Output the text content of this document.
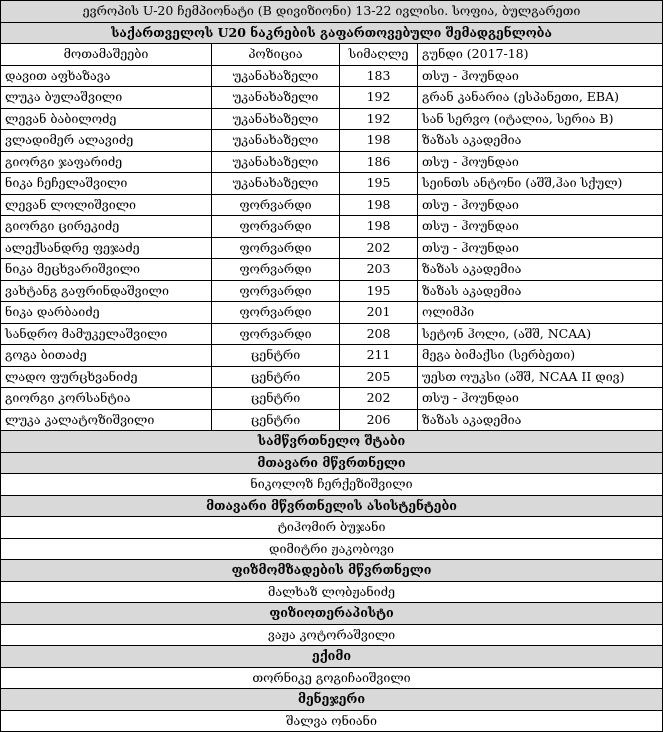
ევროპის U-20 ჩემპიონატი (B დივიზიონი) 13-22 ივლისი. სოფია, ბულგარეთი			
საქართველოს U20 ნაკრების გაფართოვებული შემადგენლობა			
მოთამაშეები	პოზიცია	სიმაღლე	გუნდი (2017-18)
დავით აფხაზავა	უკანახაზელი	183	თსუ - ჰოუნდაი
ლუკა ბულაშვილი	უკანახაზელი	192	გრან კანარია (ესპანეთი, EBA)
ლევან ბაბილოძე	უკანახაზელი	192	სან სერვო (იტალია, სერია B)
ვლადიმერ ალავიძე	უკანახაზელი	198	ზაზას აკადემია
გიორგი ჯაფარიძე	უკანახაზელი	186	თსუ - ჰოუნდაი
ნიკა ჩეჩელაშვილი	უკანახაზელი	195	სეინთს ანტონი (აშშ,ჰაი სქულ)
ლევან ლოლიშვილი	ფორვარდი	198	თსუ - ჰოუნდაი
გიორგი ცირეკიძე	ფორვარდი	198	თსუ - ჰოუნდაი
ალექსანდრე ფეჯაძე	ფორვარდი	202	თსუ - ჰოუნდაი
ნიკა მეცხვარიშვილი	ფორვარდი	203	ზაზას აკადემია
ვახტანგ გაფრინდაშვილი	ფორვარდი	195	ზაზას აკადემია
ნიკა დარბაიძე	ფორვარდი	201	ოლიმპი
სანდრო მამუკელაშვილი	ფორვარდი	208	სეტონ ჰოლი, (აშშ, NCAA)
გოგა ბითაძე	ცენტრი	211	მეგა ბიმაქსი (სერბეთი)
ლადო ფურცხვანიძე	ცენტრი	205	უესთ ოუკსი (აშშ, NCAA II დივ)
გიორგი კორსანტია	ცენტრი	202	თსუ - ჰოუნდაი
ლუკა კალატოზიშვილი	ცენტრი	206	ზაზას აკადემია
სამწვრთნელო შტაბი			
მთავარი მწვრთნელი			
ნიკოლოზ ჩერქეზიშვილი			
მთავარი მწვრთნელის ასისტენტები			
ტიჰომირ ბუჯანი			
დიმიტრი ჟაკობოვი			
ფიზმომზადების მწვრთნელი			
მალხაზ ლობჟანიძე			
ფიზიოთერაპისტი			
ვაჟა კოტორაშვილი			
ექიმი			
თორნიკე გოგიჩაიშვილი			
მენეჯერი			
შალვა ონიანი			
